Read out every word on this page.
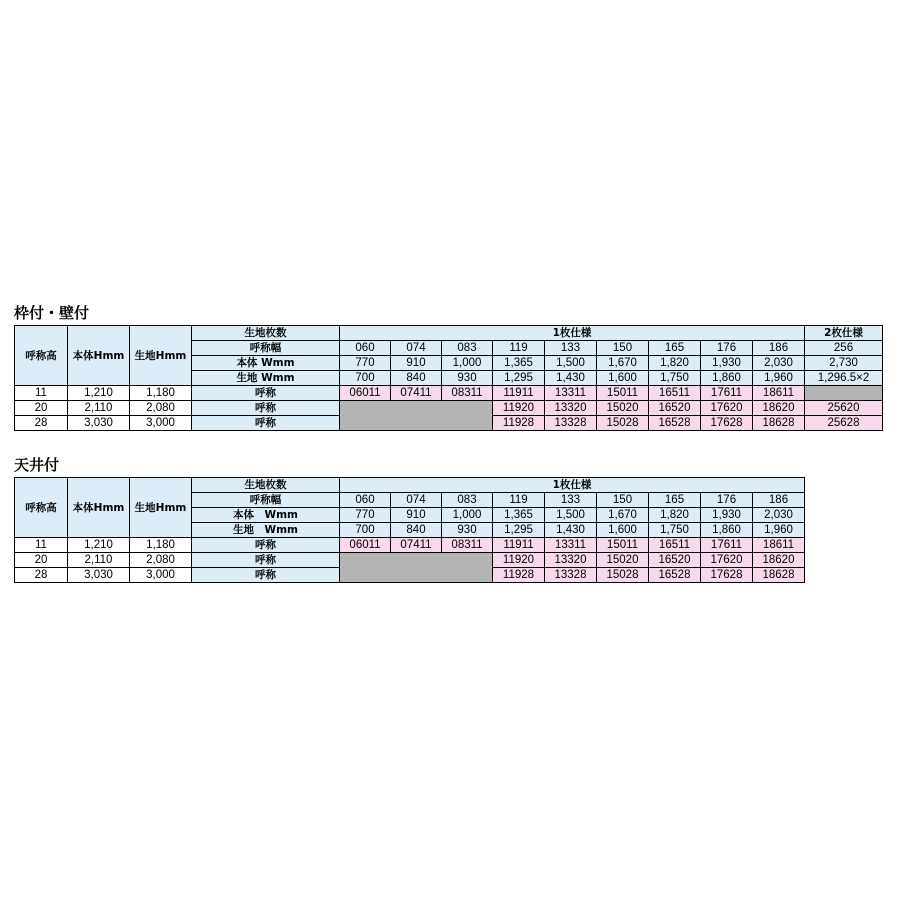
枠付・壁付
呼称高	本体Hmm	生地Hmm	生地枚数	1枚仕様									2枚仕様
			呼称幅	060	074	083	119	133	150	165	176	186	256
			本体 Wmm	770	910	1,000	1,365	1,500	1,670	1,820	1,930	2,030	2,730
			生地 Wmm	700	840	930	1,295	1,430	1,600	1,750	1,860	1,960	1,296.5×2
11	1,210	1,180	呼称	06011	07411	08311	11911	13311	15011	16511	17611	18611	
20	2,110	2,080	呼称				11920	13320	15020	16520	17620	18620	25620
28	3,030	3,000	呼称				11928	13328	15028	16528	17628	18628	25628
天井付
呼称高	本体Hmm	生地Hmm	生地枚数	1枚仕様								
			呼称幅	060	074	083	119	133	150	165	176	186
			本体　Wmm	770	910	1,000	1,365	1,500	1,670	1,820	1,930	2,030
			生地　Wmm	700	840	930	1,295	1,430	1,600	1,750	1,860	1,960
11	1,210	1,180	呼称	06011	07411	08311	11911	13311	15011	16511	17611	18611
20	2,110	2,080	呼称				11920	13320	15020	16520	17620	18620
28	3,030	3,000	呼称				11928	13328	15028	16528	17628	18628
